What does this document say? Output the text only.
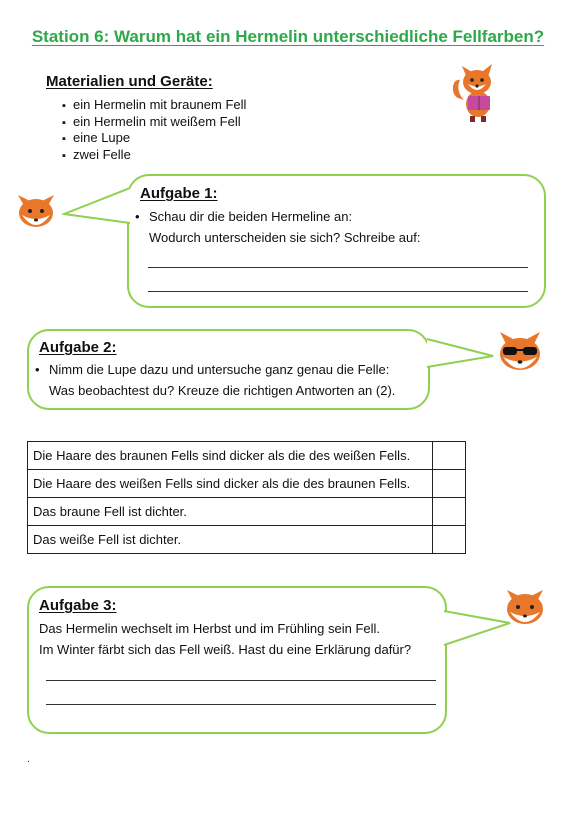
Station 6: Warum hat ein Hermelin unterschiedliche Fellfarben?
Materialien und Geräte:
▪ ein Hermelin mit braunem Fell
▪ ein Hermelin mit weißem Fell
▪ eine Lupe
▪ zwei Felle
Aufgabe 1:
• Schau dir die beiden Hermeline an:
Wodurch unterscheiden sie sich? Schreibe auf:
Aufgabe 2:
• Nimm die Lupe dazu und untersuche ganz genau die Felle:
Was beobachtest du? Kreuze die richtigen Antworten an (2).
Die Haare des braunen Fells sind dicker als die des weißen Fells.	
Die Haare des weißen Fells sind dicker als die des braunen Fells.	
Das braune Fell ist dichter.	
Das weiße Fell ist dichter.	
Aufgabe 3:
Das Hermelin wechselt im Herbst und im Frühling sein Fell.
Im Winter färbt sich das Fell weiß. Hast du eine Erklärung dafür?
.
